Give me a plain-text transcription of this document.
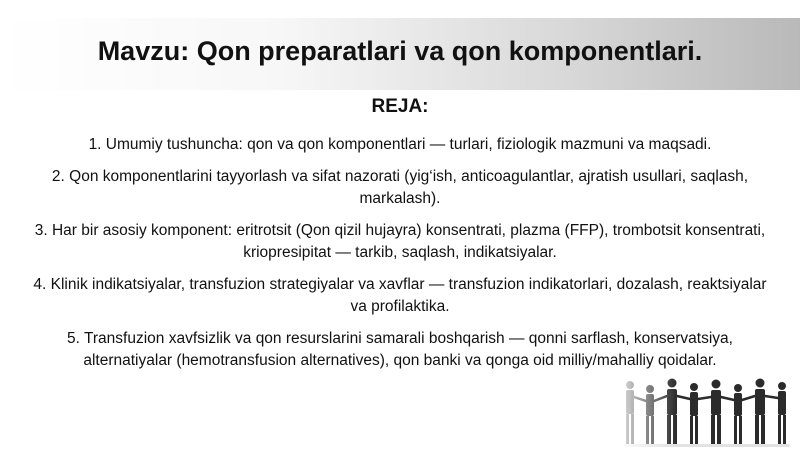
Mavzu: Qon preparatlari va qon komponentlari.
REJA:
1. Umumiy tushuncha: qon va qon komponentlari — turlari, fiziologik mazmuni va maqsadi.
2. Qon komponentlarini tayyorlash va sifat nazorati (yig‘ish, anticoagulantlar, ajratish usullari, saqlash, markalash).
3. Har bir asosiy komponent: eritrotsit (Qon qizil hujayra) konsentrati, plazma (FFP), trombotsit konsentrati, kriopresipitat — tarkib, saqlash, indikatsiyalar.
4. Klinik indikatsiyalar, transfuzion strategiyalar va xavflar — transfuzion indikatorlari, dozalash, reaktsiyalar va profilaktika.
5. Transfuzion xavfsizlik va qon resurslarini samarali boshqarish — qonni sarflash, konservatsiya, alternatiyalar (hemotransfusion alternatives), qon banki va qonga oid milliy/mahalliy qoidalar.
